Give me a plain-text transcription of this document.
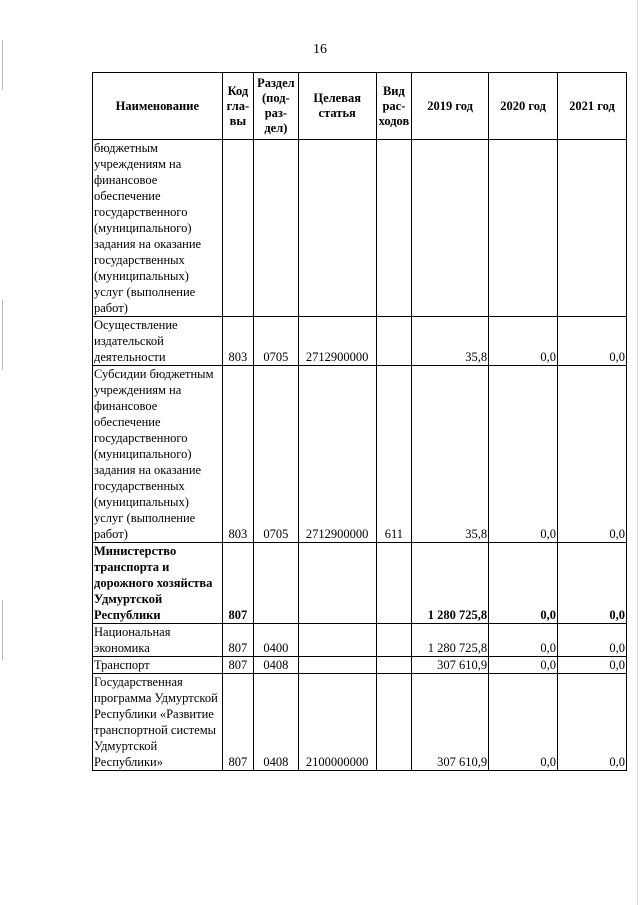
16
Наименование	Код гла-вы	Раздел (под-раз-дел)	Целевая статья	Вид рас-ходов	2019 год	2020 год	2021 год
бюджетным учреждениям на финансовое обеспечение государственного (муниципального) задания на оказание государственных (муниципальных) услуг (выполнение работ)							
Осуществление издательской деятельности	803	0705	2712900000		35,8	0,0	0,0
Субсидии бюджетным учреждениям на финансовое обеспечение государственного (муниципального) задания на оказание государственных (муниципальных) услуг (выполнение работ)	803	0705	2712900000	611	35,8	0,0	0,0
Министерство транспорта и дорожного хозяйства Удмуртской Республики	807				1 280 725,8	0,0	0,0
Национальная экономика	807	0400			1 280 725,8	0,0	0,0
Транспорт	807	0408			307 610,9	0,0	0,0
Государственная программа Удмуртской Республики «Развитие транспортной системы Удмуртской Республики»	807	0408	2100000000		307 610,9	0,0	0,0
